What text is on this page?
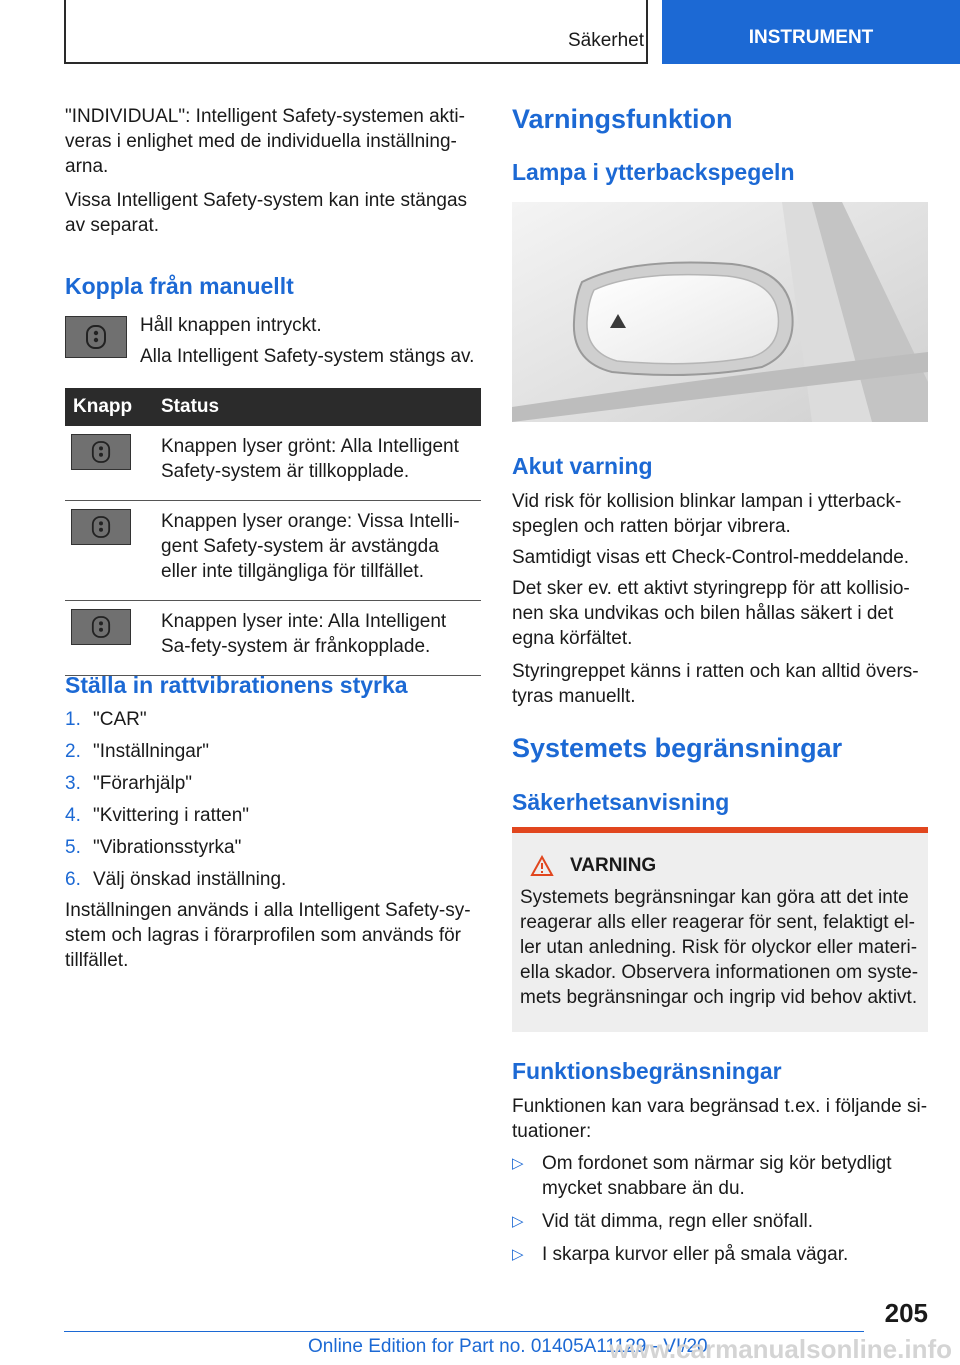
Säkerhet	INSTRUMENT

"INDIVIDUAL": Intelligent Safety-systemen akti-veras i enlighet med de individuella inställning-arna.

Vissa Intelligent Safety-system kan inte stängas av separat.

Koppla från manuellt

Håll knappen intryckt.

Alla Intelligent Safety-system stängs av.

Knapp	Status

	Knappen lyser grönt: Alla Intelligent Safety-system är tillkopplade.

	Knappen lyser orange: Vissa Intelli-gent Safety-system är avstängda eller inte tillgängliga för tillfället.

	Knappen lyser inte: Alla Intelligent Sa-fety-system är frånkopplade.
Ställa in rattvibrationens styrka
1. "CAR"
2. "Inställningar"
3. "Förarhjälp"
4. "Kvittering i ratten"
5. "Vibrationsstyrka"
6. Välj önskad inställning.

Inställningen används i alla Intelligent Safety-sy-stem och lagras i förarprofilen som används för tillfället.

Varningsfunktion
Lampa i ytterbackspegeln
Akut varning

Vid risk för kollision blinkar lampan i ytterback-speglen och ratten börjar vibrera.

Samtidigt visas ett Check-Control-meddelande.

Det sker ev. ett aktivt styringrepp för att kollisio-nen ska undvikas och bilen hållas säkert i det egna körfältet.

Styringreppet känns i ratten och kan alltid övers-tyras manuellt.

Systemets begränsningar
Säkerhetsanvisning
VARNING

Systemets begränsningar kan göra att det inte reagerar alls eller reagerar för sent, felaktigt el-ler utan anledning. Risk för olyckor eller materi-ella skador. Observera informationen om syste-mets begränsningar och ingrip vid behov aktivt.

Funktionsbegränsningar

Funktionen kan vara begränsad t.ex. i följande si-tuationer:

▷ Om fordonet som närmar sig kör betydligt mycket snabbare än du.
▷ Vid tät dimma, regn eller snöfall.
▷ I skarpa kurvor eller på smala vägar.
205
Online Edition for Part no. 01405A11129 - VI/20
www.carmanualsonline.info
